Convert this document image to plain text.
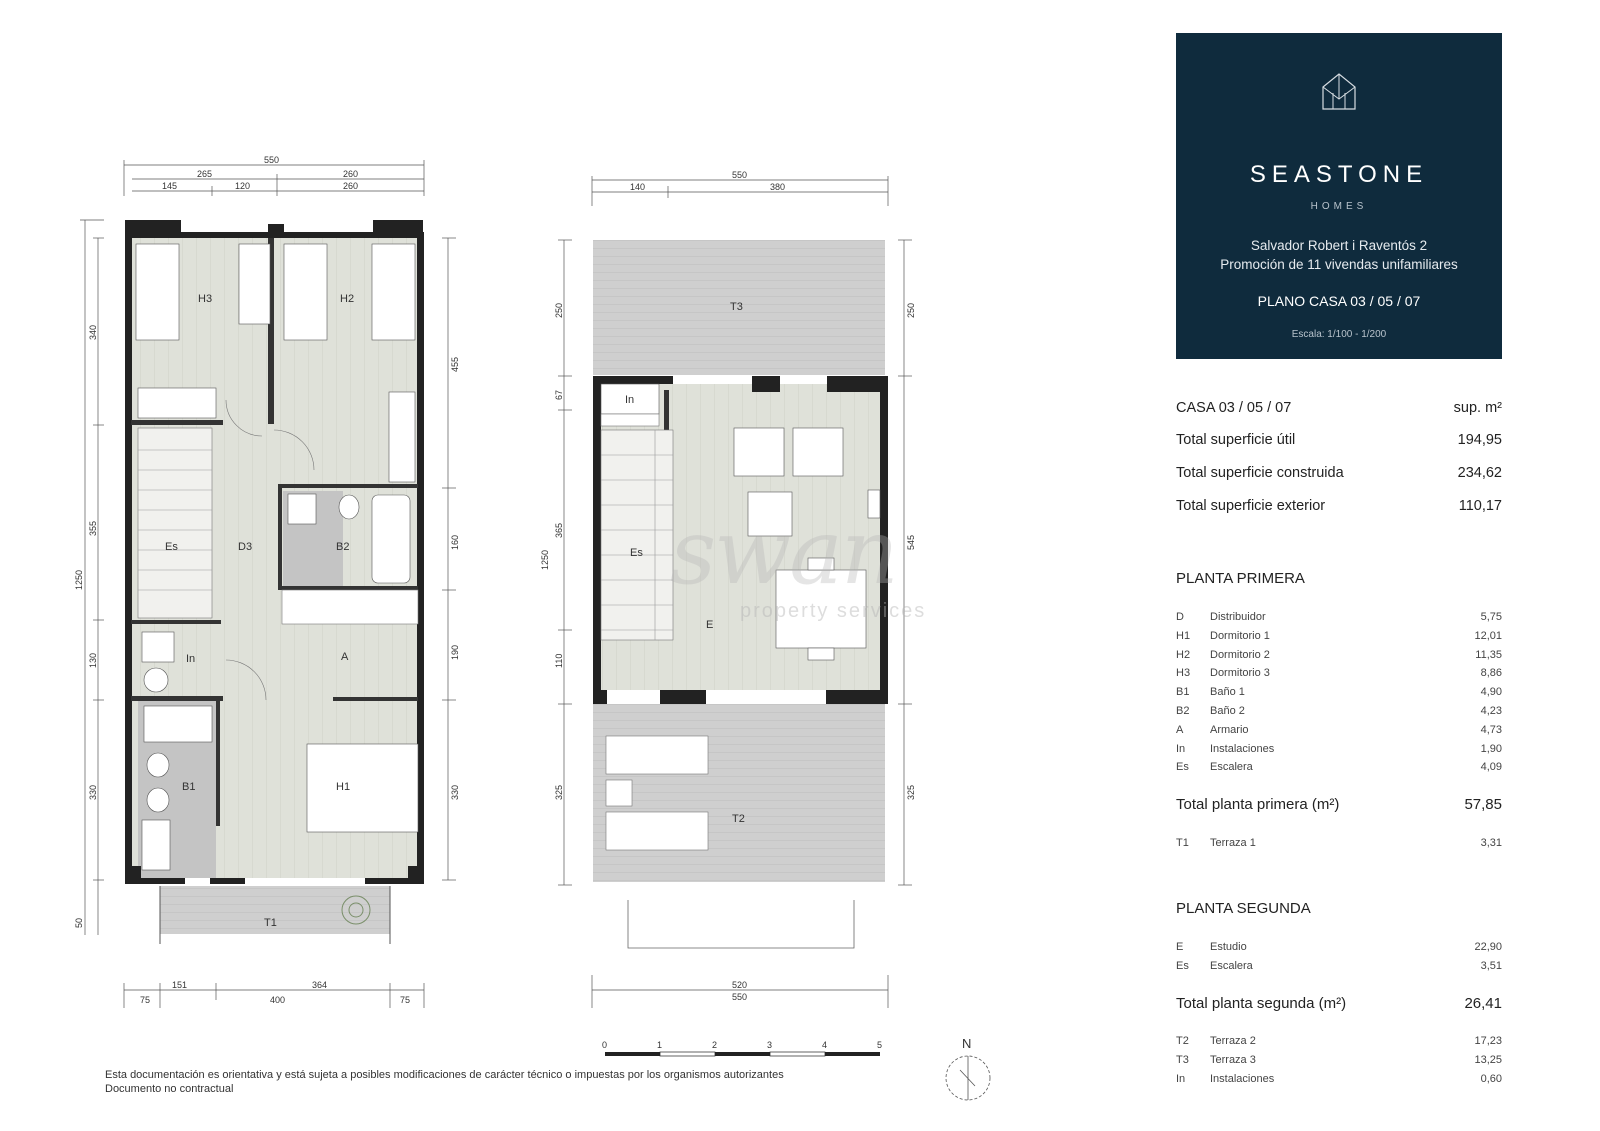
H3	H2
D3
Es	B2
In	A
B1	H1
T1
550
265	260
145	120	260
1250
340
355
130
330
50
455
160
190
330
151	364
75	400	75
T3
In
Es
E
T2
550
140	380
250
67
365
1250
110
325
250
545
325
520
550
0	1	2	3	4	5	N
swan
property services
SEASTONE
HOMES
Salvador Robert i Raventós 2
Promoción de 11 vivendas unifamiliares
PLANO CASA 03 / 05 / 07
Escala: 1/100 - 1/200
CASA 03 / 05 / 07	sup. m²
Total superficie útil	194,95
Total superficie construida	234,62
Total superficie exterior	110,17
PLANTA PRIMERA
D	Distribuidor	5,75
H1	Dormitorio 1	12,01
H2	Dormitorio 2	11,35
H3	Dormitorio 3	8,86
B1	Baño 1	4,90
B2	Baño 2	4,23
A	Armario	4,73
In	Instalaciones	1,90
Es	Escalera	4,09
Total planta primera (m²)	57,85
T1	Terraza 1	3,31
PLANTA SEGUNDA
E	Estudio	22,90
Es	Escalera	3,51
Total planta segunda (m²)	26,41
T2	Terraza 2	17,23
T3	Terraza 3	13,25
In	Instalaciones	0,60
Esta documentación es orientativa y está sujeta a posibles modificaciones de carácter técnico o impuestas por los organismos autorizantes
Documento no contractual
